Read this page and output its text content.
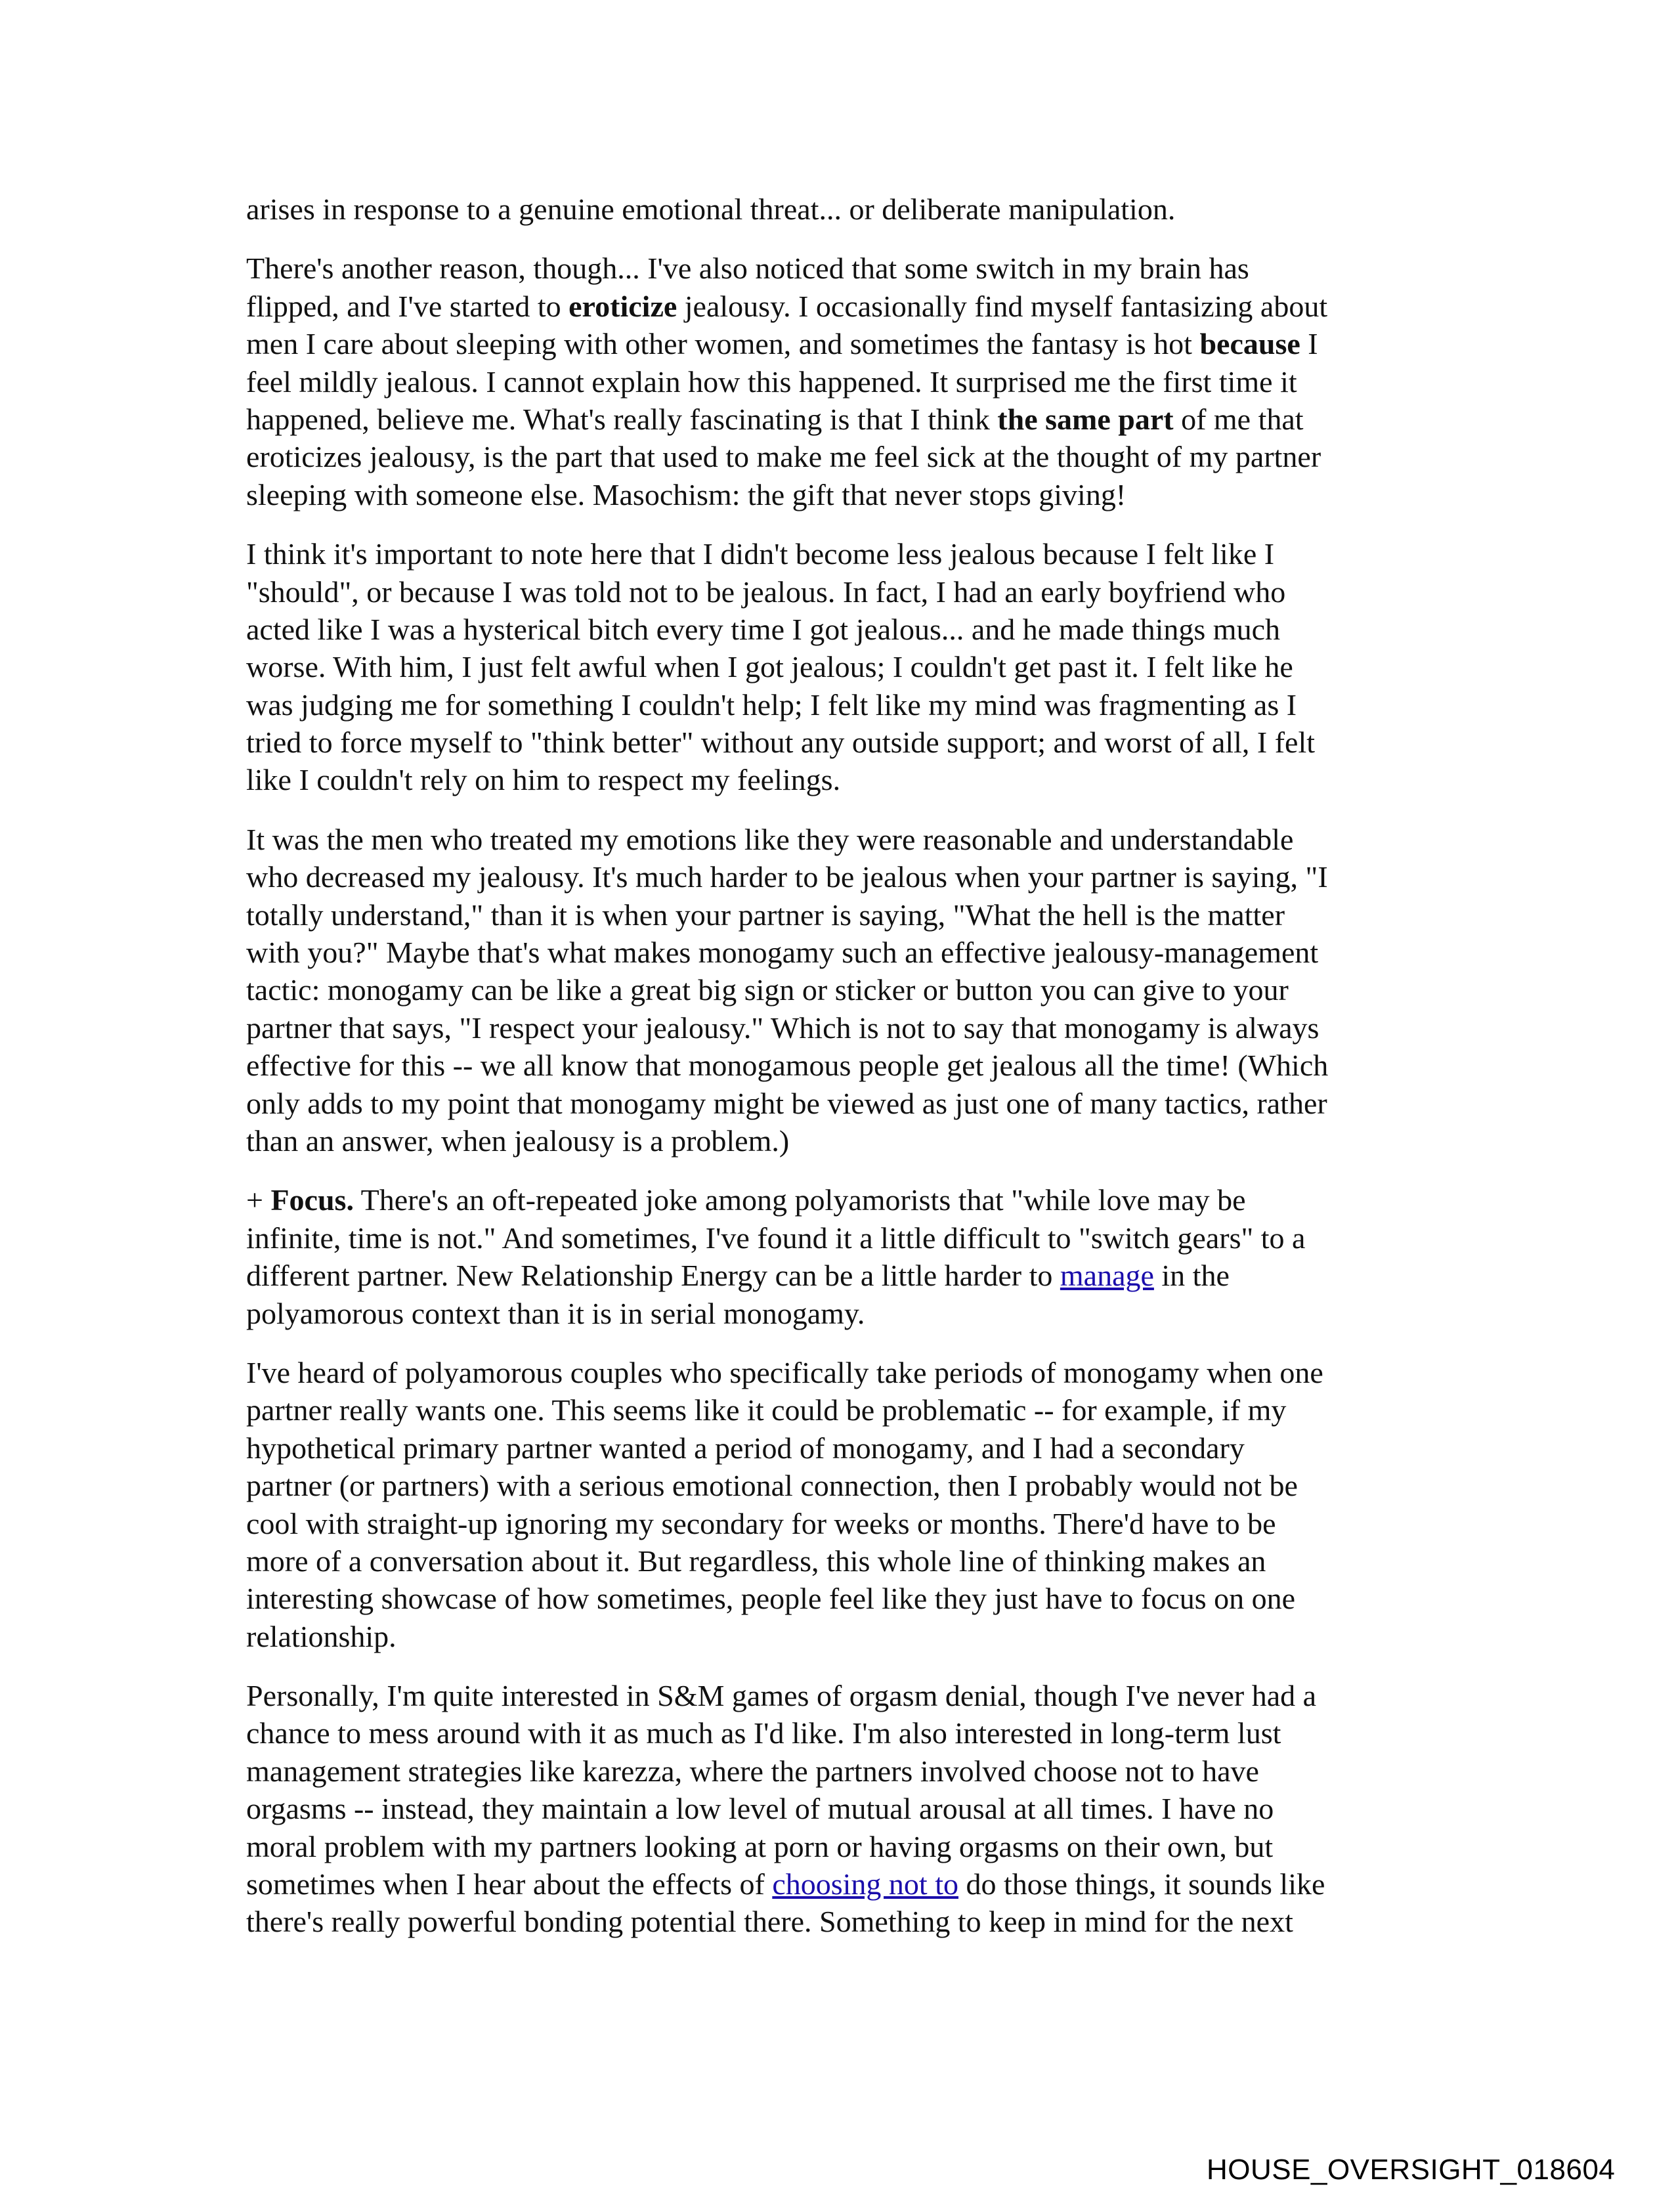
arises in response to a genuine emotional threat... or deliberate manipulation.
There's another reason, though... I've also noticed that some switch in my brain has
flipped, and I've started to eroticize jealousy. I occasionally find myself fantasizing about
men I care about sleeping with other women, and sometimes the fantasy is hot because I
feel mildly jealous. I cannot explain how this happened. It surprised me the first time it
happened, believe me. What's really fascinating is that I think the same part of me that
eroticizes jealousy, is the part that used to make me feel sick at the thought of my partner
sleeping with someone else. Masochism: the gift that never stops giving!
I think it's important to note here that I didn't become less jealous because I felt like I
"should", or because I was told not to be jealous. In fact, I had an early boyfriend who
acted like I was a hysterical bitch every time I got jealous... and he made things much
worse. With him, I just felt awful when I got jealous; I couldn't get past it. I felt like he
was judging me for something I couldn't help; I felt like my mind was fragmenting as I
tried to force myself to "think better" without any outside support; and worst of all, I felt
like I couldn't rely on him to respect my feelings.
It was the men who treated my emotions like they were reasonable and understandable
who decreased my jealousy. It's much harder to be jealous when your partner is saying, "I
totally understand," than it is when your partner is saying, "What the hell is the matter
with you?" Maybe that's what makes monogamy such an effective jealousy-management
tactic: monogamy can be like a great big sign or sticker or button you can give to your
partner that says, "I respect your jealousy." Which is not to say that monogamy is always
effective for this -- we all know that monogamous people get jealous all the time! (Which
only adds to my point that monogamy might be viewed as just one of many tactics, rather
than an answer, when jealousy is a problem.)
+ Focus. There's an oft-repeated joke among polyamorists that "while love may be
infinite, time is not." And sometimes, I've found it a little difficult to "switch gears" to a
different partner. New Relationship Energy can be a little harder to manage in the
polyamorous context than it is in serial monogamy.
I've heard of polyamorous couples who specifically take periods of monogamy when one
partner really wants one. This seems like it could be problematic -- for example, if my
hypothetical primary partner wanted a period of monogamy, and I had a secondary
partner (or partners) with a serious emotional connection, then I probably would not be
cool with straight-up ignoring my secondary for weeks or months. There'd have to be
more of a conversation about it. But regardless, this whole line of thinking makes an
interesting showcase of how sometimes, people feel like they just have to focus on one
relationship.
Personally, I'm quite interested in S&M games of orgasm denial, though I've never had a
chance to mess around with it as much as I'd like. I'm also interested in long-term lust
management strategies like karezza, where the partners involved choose not to have
orgasms -- instead, they maintain a low level of mutual arousal at all times. I have no
moral problem with my partners looking at porn or having orgasms on their own, but
sometimes when I hear about the effects of choosing not to do those things, it sounds like
there's really powerful bonding potential there. Something to keep in mind for the next
HOUSE_OVERSIGHT_018604
